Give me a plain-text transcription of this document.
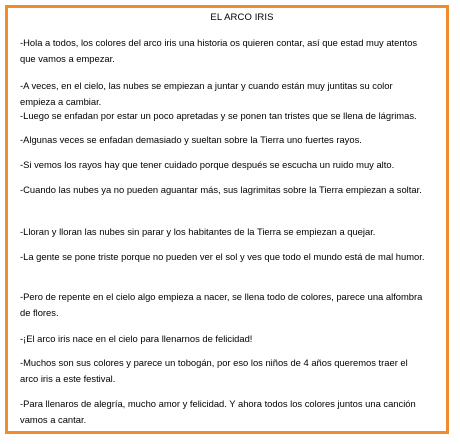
EL ARCO IRIS
-Hola a todos, los colores del arco iris una historia os quieren contar, así que estad muy atentos que vamos a empezar.
-A veces, en el cielo, las nubes se empiezan a juntar y cuando están muy juntitas su color empieza a cambiar.
-Luego se enfadan por estar un poco apretadas y se ponen tan tristes que se llena de lágrimas.
-Algunas veces se enfadan demasiado y sueltan sobre la Tierra uno fuertes rayos.
-Si vemos los rayos hay que tener cuidado porque después se escucha un ruido muy alto.
-Cuando las nubes ya no pueden aguantar más, sus lagrimitas sobre la Tierra empiezan a soltar.
-Lloran y lloran las nubes sin parar y los habitantes de la Tierra se empiezan a quejar.
-La gente se pone triste porque no pueden ver el sol y ves que todo el mundo está de mal humor.
-Pero de repente en el cielo algo empieza a nacer, se llena todo de colores, parece una alfombra de flores.
-¡El arco iris nace en el cielo para llenarnos de felicidad!
-Muchos son sus colores y parece un tobogán, por eso los niños de 4 años queremos traer el arco iris a este festival.
-Para llenaros de alegría, mucho amor y felicidad. Y ahora todos los colores juntos una canción vamos a cantar.
